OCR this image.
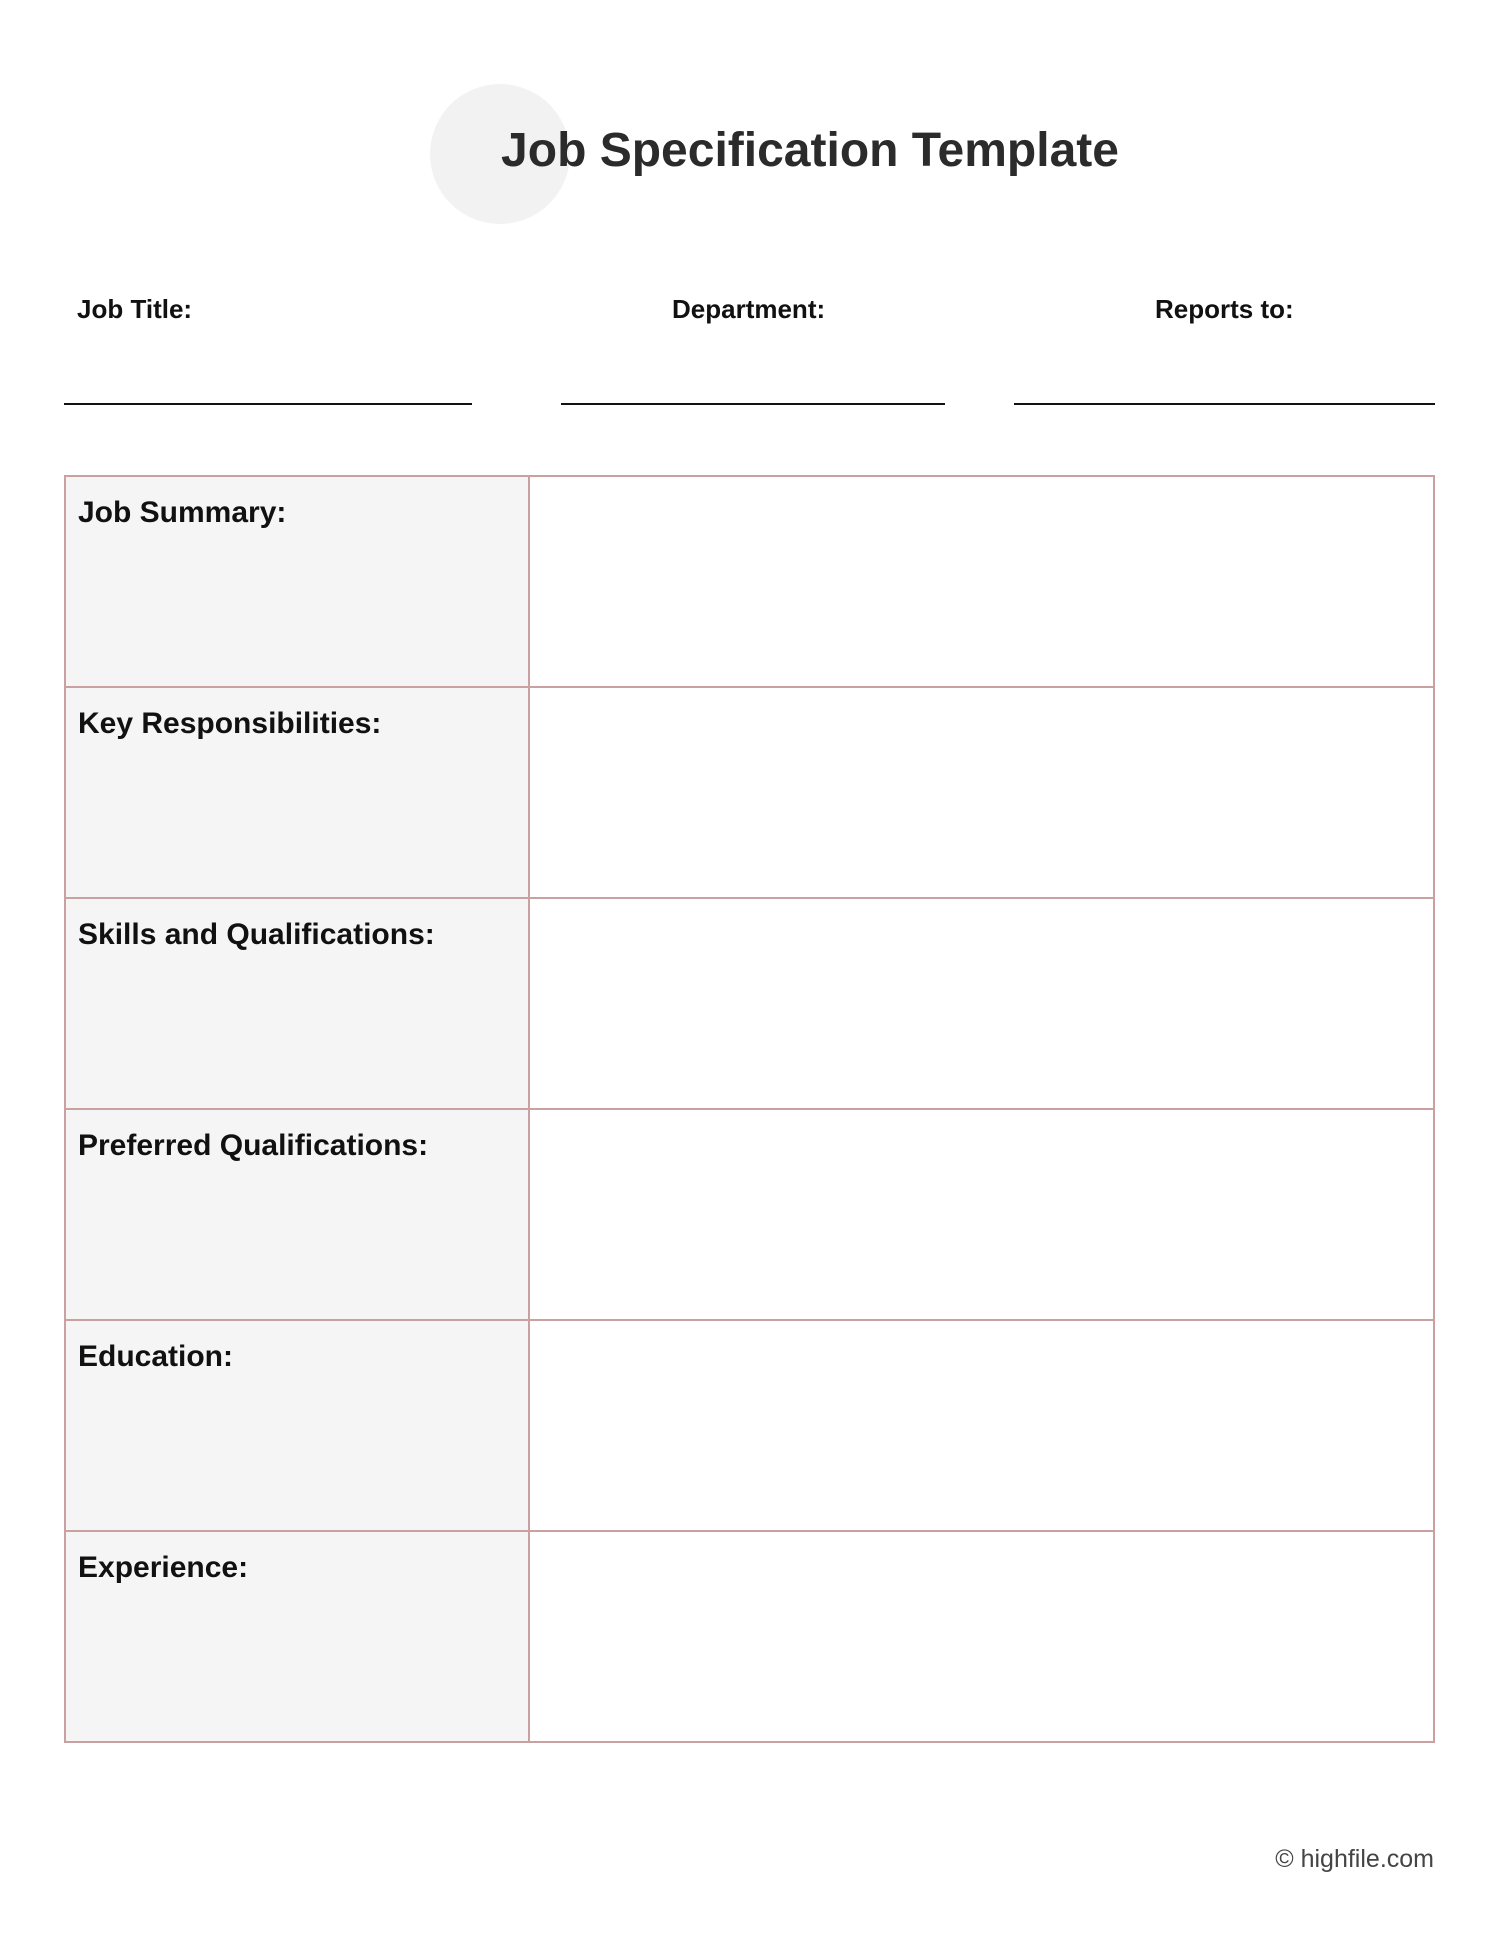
Job Specification Template
Job Title:	Department:	Reports to:
Job Summary:	

Key Responsibilities:	

Skills and Qualifications:	

Preferred Qualifications:	

Education:	

Experience:	

© highfile.com
